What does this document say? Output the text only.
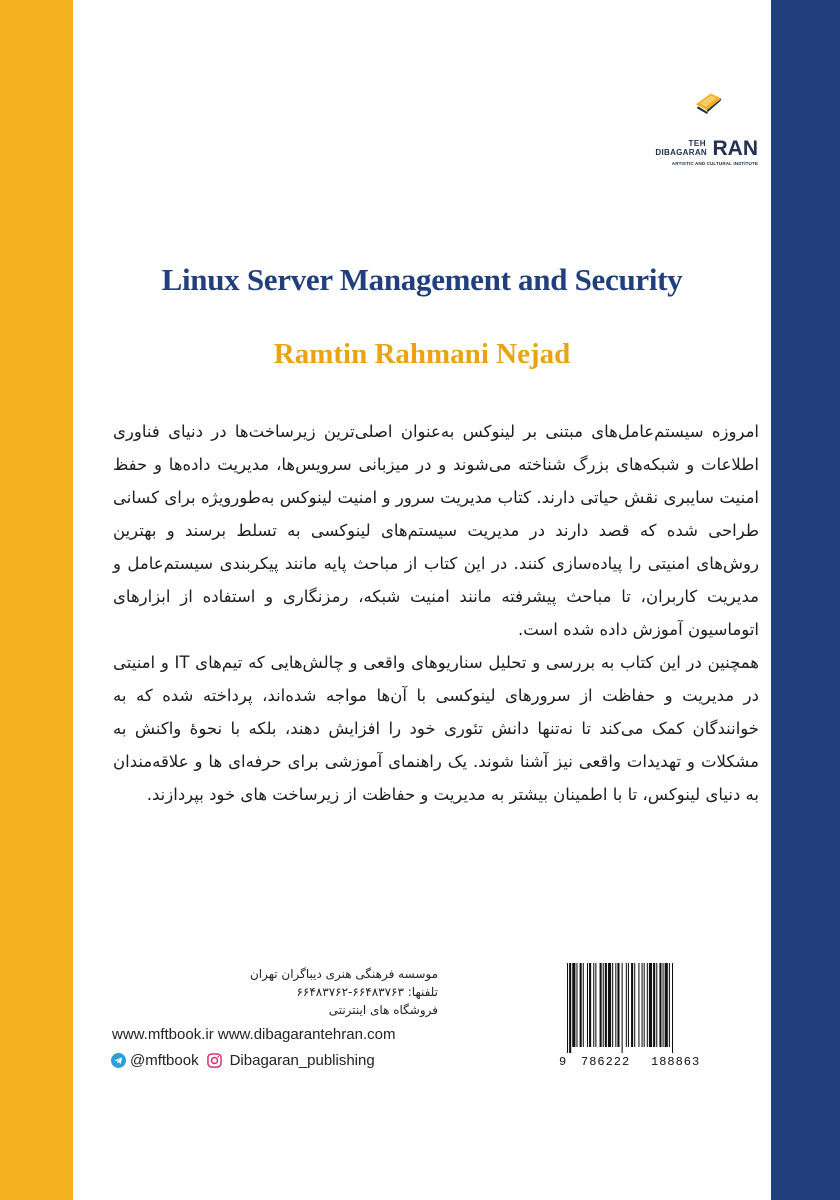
TEH
DIBAGARAN RAN
ARTISTIC AND CULTURAL INSTITUTE
Linux Server Management and Security
Ramtin Rahmani Nejad

امروزه سیستم‌عامل‌های مبتنی بر لینوکس به‌عنوان اصلی‌ترین زیرساخت‌ها در دنیای فناوری اطلاعات و شبکه‌های بزرگ شناخته می‌شوند و در میزبانی سرویس‌ها، مدیریت داده‌ها و حفظ امنیت سایبری نقش حیاتی دارند. کتاب مدیریت سرور و امنیت لینوکس به‌طورویژه برای کسانی طراحی شده که قصد دارند در مدیریت سیستم‌های لینوکسی به تسلط برسند و بهترین روش‌های امنیتی را پیاده‌سازی کنند. در این کتاب از مباحث پایه مانند پیکربندی سیستم‌عامل و مدیریت کاربران، تا مباحث پیشرفته مانند امنیت شبکه، رمزنگاری و استفاده از ابزارهای اتوماسیون آموزش داده شده است.

همچنین در این کتاب به بررسی و تحلیل سناریوهای واقعی و چالش‌هایی که تیم‌های IT و امنیتی در مدیریت و حفاظت از سرورهای لینوکسی با آن‌ها مواجه شده‌اند، پرداخته شده که به خوانندگان کمک می‌کند تا نه‌تنها دانش تئوری خود را افزایش دهند، بلکه با نحوهٔ واکنش به مشکلات و تهدیدات واقعی نیز آشنا شوند. یک راهنمای آموزشی برای حرفه‌ای ها و علاقه‌مندان به دنیای لینوکس، تا با اطمینان بیشتر به مدیریت و حفاظت از زیرساخت های خود بپردازند.

موسسه فرهنگی هنری دیباگران تهران
تلفنها: ۶۶۴۸۳۷۶۳-۶۶۴۸۳۷۶۲
فروشگاه های اینترنتی
www.mftbook.ir www.dibagarantehran.com
@mftbook Dibagaran_publishing	9 786222 188863
